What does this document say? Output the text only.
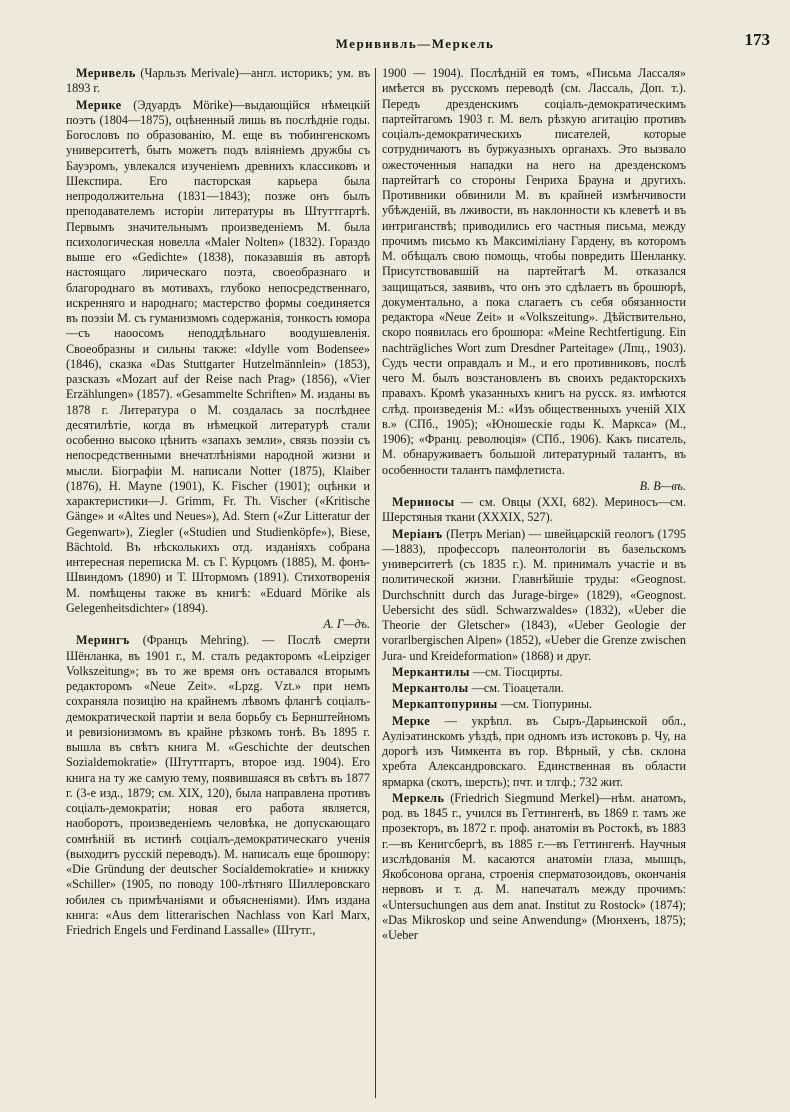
Мерививль—Меркель	173

Меривель (Чарльзъ Merivale)—англ. историкъ; ум. въ 1893 г.

Мерике (Эдуардъ Mörike)—выдающійся нѣмецкій поэтъ (1804—1875), оцѣненный лишь въ послѣдніе годы. Богословъ по образованію, М. еще въ тюбингенскомъ университетѣ, быть можетъ подъ вліяніемъ дружбы съ Бауэромъ, увлекался изученіемъ древнихъ классиковъ и Шекспира. Его пасторская карьера была непродолжительна (1831—1843); позже онъ былъ преподавателемъ исторіи литературы въ Штуттгартѣ. Первымъ значительнымъ произведеніемъ М. была психологическая новелла «Maler Nolten» (1832). Гораздо выше его «Gedichte» (1838), показавшія въ авторѣ настоящаго лирическаго поэта, своеобразнаго и благороднаго въ мотивахъ, глубоко непосредственнаго, искренняго и народнаго; мастерство формы соединяется въ поэзіи М. съ гуманизмомъ содержанія, тонкость юмора—съ наоосомъ неподдѣльнаго воодушевленія. Своеобразны и сильны также: «Idylle vom Bodensee» (1846), сказка «Das Stuttgarter Hutzelmännlein» (1853), разсказъ «Mozart auf der Reise nach Prag» (1856), «Vier Erzählungen» (1857). «Gesammelte Schriften» М. изданы въ 1878 г. Литература о М. создалась за послѣднее десятилѣтіе, когда въ нѣмецкой литературѣ стали особенно высоко цѣнить «запахъ земли», связь поэзіи съ непосредственными внечатлѣніями народной жизни и мысли. Біографіи М. написали Notter (1875), Klaiber (1876), H. Mayne (1901), K. Fischer (1901); оцѣнки и характеристики—J. Grimm, Fr. Th. Vischer («Kritische Gänge» и «Altes und Neues»), Ad. Stern («Zur Litteratur der Gegenwart»), Ziegler («Studien und Studienköpfe»), Biese, Bächtold. Въ нѣсколькихъ отд. изданіяхъ собрана интересная переписка М. съ Г. Курцомъ (1885), М. фонъ-Швиндомъ (1890) и Т. Штормомъ (1891). Стихотворенія М. помѣщены также въ книгѣ: «Eduard Mörike als Gelegenheitsdichter» (1894).

А. Г—дъ.

Мерингъ (Францъ Mehring). — Послѣ смерти Шёнланка, въ 1901 г., М. сталъ редакторомъ «Leipziger Volkszeitung»; въ то же время онъ оставался вторымъ редакторомъ «Neue Zeit». «Lpzg. Vzt.» при немъ сохраняла позицію на крайнемъ лѣвомъ флангѣ соціалъ-демократической партіи и вела борьбу съ Бернштейномъ и ревизіонизмомъ въ крайне рѣзкомъ тонѣ. Въ 1895 г. вышла въ свѣтъ книга М. «Geschichte der deutschen Sozialdemokratie» (Штуттгартъ, второе изд. 1904). Его книга на ту же самую тему, появившаяся въ свѣтъ въ 1877 г. (3-е изд., 1879; см. XIX, 120), была направлена противъ соціалъ-демократіи; новая его работа является, наоборотъ, произведеніемъ человѣка, не допускающаго сомнѣній въ истинѣ соціалъ-демократическаго ученія (выходитъ русскій переводъ). М. написалъ еще брошюру: «Die Gründung der deutscher Socialdemokratie» и книжку «Schiller» (1905, по поводу 100-лѣтняго Шиллеровскаго юбилея съ примѣчаніями и объясненіями). Имъ издана книга: «Aus dem litterarischen Nachlass von Karl Marx, Friedrich Engels und Ferdinand Lassalle» (Штутг.,

1900 — 1904). Послѣдній ея томъ, «Письма Лассаля» имѣется въ русскомъ переводѣ (см. Лассаль, Доп. т.). Передъ дрезденскимъ соціалъ-демократическимъ партейтагомъ 1903 г. М. велъ рѣзкую агитацію противъ соціалъ-демократическихъ писателей, которые сотрудничаютъ въ буржуазныхъ органахъ. Это вызвало ожесточенныя нападки на него на дрезденскомъ партейтагѣ со стороны Генриха Брауна и другихъ. Противники обвинили М. въ крайней измѣнчивости убѣжденій, въ лживости, въ наклонности къ клеветѣ и въ интриганствѣ; приводились его частныя письма, между прочимъ письмо къ Максиміліану Гардену, въ которомъ М. обѣщалъ свою помощь, чтобы повредить Шенланку. Присутствовавшій на партейтагѣ М. отказался защищаться, заявивъ, что онъ это сдѣлаетъ въ брошюрѣ, документально, а пока слагаетъ съ себя обязанности редактора «Neue Zeit» и «Volkszeitung». Дѣйствительно, скоро появилась его брошюра: «Meine Rechtfertigung. Ein nachträgliches Wort zum Dresdner Parteitage» (Лпц., 1903). Судъ чести оправдалъ и М., и его противниковъ, послѣ чего М. былъ возстановленъ въ своихъ редакторскихъ правахъ. Кромѣ указанныхъ книгъ на русск. яз. имѣются слѣд. произведенія М.: «Изъ общественныхъ ученій XIX в.» (СПб., 1905); «Юношескіе годы К. Маркса» (М., 1906); «Франц. революція» (СПб., 1906). Какъ писатель, М. обнаруживаетъ большой литературный талантъ, въ особенности талантъ памфлетиста.

В. В—въ.

Мериносы — см. Овцы (XXI, 682). Мериносъ—см. Шерстяныя ткани (XXXIX, 527).

Меріанъ (Петръ Merian) — швейцарскій геологъ (1795—1883), профессоръ палеонтологіи въ базельскомъ университетѣ (съ 1835 г.). М. принималъ участіе и въ политической жизни. Главнѣйшіе труды: «Geognost. Durchschnitt durch das Jurage-birge» (1829), «Geognost. Uebersicht des südl. Schwarzwaldes» (1832), «Ueber die Theorie der Gletscher» (1843), «Ueber Geologie der vorarlbergischen Alpen» (1852), «Ueber die Grenze zwischen Jura- und Kreideformation» (1868) и друг.

Меркантилы —см. Тіосцирты.

Меркантолы —см. Тіоацетали.

Меркаптопурины —см. Тіопурины.

Мерке — укрѣпл. въ Сыръ-Дарьинской обл., Ауліэатинскомъ уѣздѣ, при одномъ изъ истоковъ р. Чу, на дорогѣ изъ Чимкента въ гор. Вѣрный, у сѣв. склона хребта Александровскаго. Единственная въ области ярмарка (скотъ, шерсть); пчт. и тлгф.; 732 жит.

Меркель (Friedrich Siegmund Merkel)—нѣм. анатомъ, род. въ 1845 г., учился въ Геттингенѣ, въ 1869 г. тамъ же прозекторъ, въ 1872 г. проф. анатоміи въ Ростокѣ, въ 1883 г.—въ Кенигсбергѣ, въ 1885 г.—въ Геттингенѣ. Научныя изслѣдованія М. касаются анатоміи глаза, мышцъ, Якобсонова органа, строенія сперматозоидовъ, окончанія нервовъ и т. д. М. напечаталъ между прочимъ: «Untersuchungen aus dem anat. Institut zu Rostock» (1874); «Das Mikroskop und seine Anwendung» (Мюнхенъ, 1875); «Ueber
